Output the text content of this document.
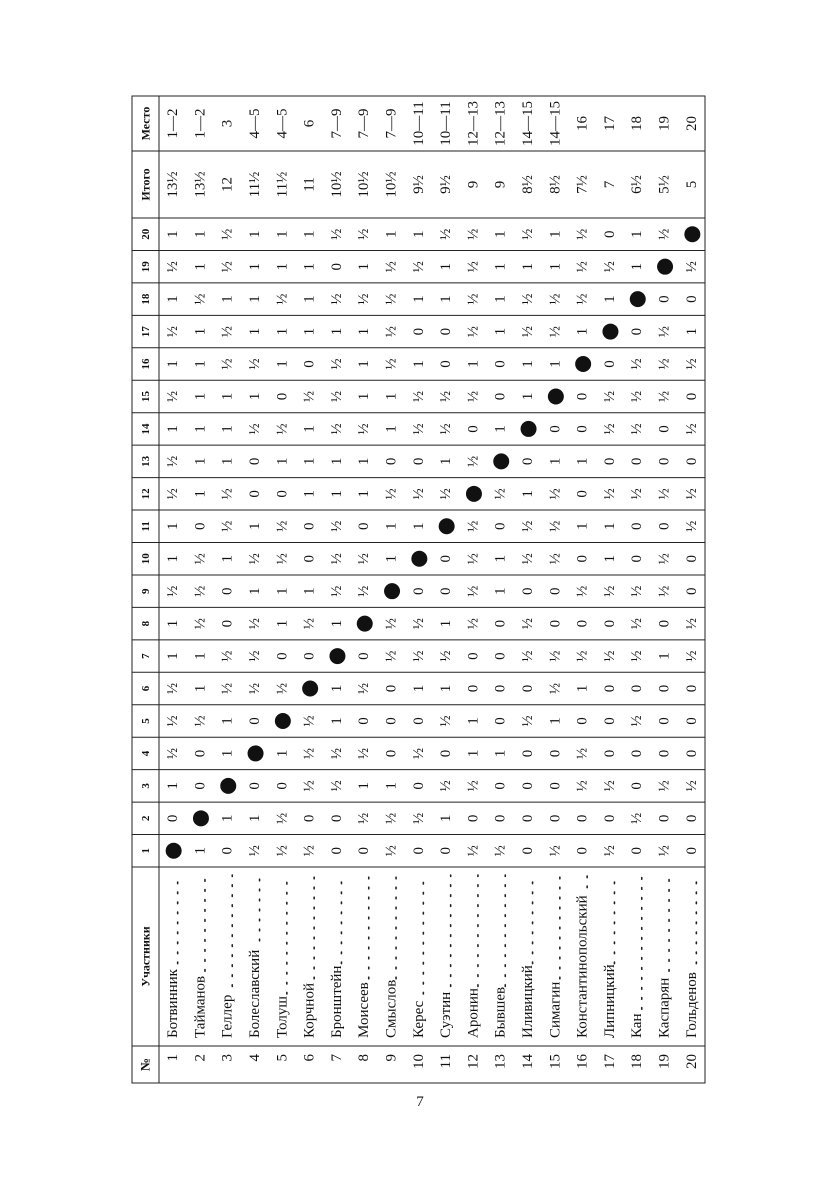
№
Участники
1
2
3
4
5
6
7
8
9
10
11
12
13
14
15
16
17
18
19
20
Итого
Место
1
Ботвинник
0
1
½
½
½
1
1
½
1
1
½
½
1
½
1
½
1
½
1
13½
1—2
2
Тайманов
1
0
0
½
1
1
½
½
½
0
1
1
1
1
1
1
½
1
1
13½
1—2
3
Геллер
0
1
1
1
½
½
0
0
1
½
½
1
1
1
½
½
1
½
½
12
3
4
Болеславский
½
1
0
0
½
½
½
1
½
1
0
0
½
1
½
1
1
1
1
11½
4—5
5
Толуш
½
½
0
1
½
0
1
1
½
½
0
1
½
0
1
1
½
1
1
11½
4—5
6
Корчной
½
0
½
½
½
0
½
1
0
0
1
1
1
½
0
1
1
1
1
11
6
7
Бронштейн
0
0
½
½
1
1
1
½
½
½
1
1
½
½
½
1
½
0
½
10½
7—9
8
Моисеев
0
½
1
½
0
½
0
½
½
0
1
1
½
1
1
1
½
1
½
10½
7—9
9
Смыслов
½
½
1
0
0
0
½
½
1
1
½
0
1
1
½
½
½
½
1
10½
7—9
10
Керес
0
½
0
½
0
1
½
½
0
1
½
0
½
½
1
0
1
½
1
9½
10—11
11
Суэтин
0
1
½
0
½
1
½
1
0
0
½
1
½
½
0
0
1
1
½
9½
10—11
12
Аронин
½
0
½
1
1
0
0
½
½
½
½
½
0
½
1
½
½
½
½
9
12—13
13
Бывшев
½
0
0
1
0
0
0
0
1
1
0
½
1
0
0
1
1
1
1
9
12—13
14
Иливицкий
0
0
0
0
½
0
½
½
0
½
½
1
0
1
1
½
½
1
½
8½
14—15
15
Симагин
½
0
0
0
1
½
½
0
0
½
½
½
1
0
1
½
½
1
1
8½
14—15
16
Константинопольский
0
0
½
½
0
1
½
0
½
0
1
0
1
0
0
1
½
½
½
7½
16
17
Липницкий
½
0
½
0
0
0
½
0
½
1
1
½
0
½
½
0
1
½
0
7
17
18
Кан
0
½
0
0
½
0
½
½
½
0
0
½
0
½
½
½
0
1
1
6½
18
19
Каспарян
½
0
½
0
0
0
1
0
½
½
0
½
0
0
½
½
½
0
½
5½
19
20
Гольденов
0
0
½
0
0
0
½
½
0
0
½
½
0
½
0
½
1
0
½
5
20
7
